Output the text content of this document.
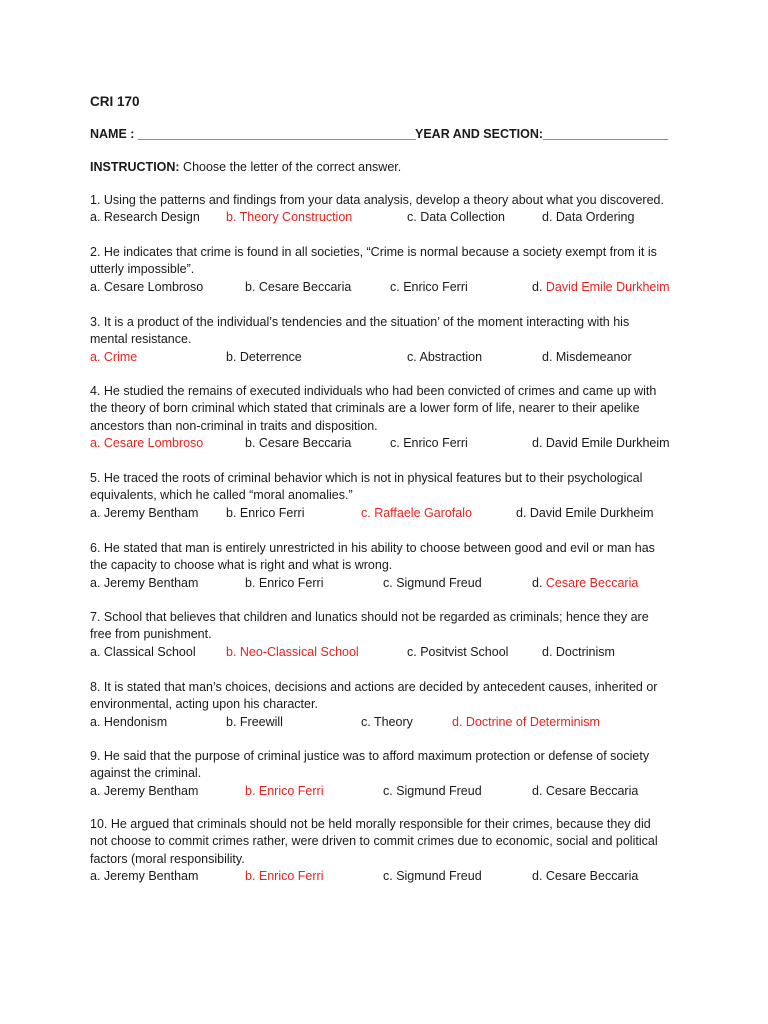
CRI 170
NAME : ________________________________________ YEAR AND SECTION:__________________
INSTRUCTION: Choose the letter of the correct answer.
1. Using the patterns and findings from your data analysis, develop a theory about what you discovered.
a. Research Design b. Theory Construction	c. Data Collection	d. Data Ordering
2. He indicates that crime is found in all societies, “Crime is normal because a society exempt from it is
utterly impossible”.
a. Cesare Lombroso	b. Cesare Beccaria	c. Enrico Ferri	d. David Emile Durkheim
3. It is a product of the individual’s tendencies and the situation’ of the moment interacting with his
mental resistance.
a. Crime	b. Deterrence	c. Abstraction	d. Misdemeanor
4. He studied the remains of executed individuals who had been convicted of crimes and came up with
the theory of born criminal which stated that criminals are a lower form of life, nearer to their apelike
ancestors than non-criminal in traits and disposition.
a. Cesare Lombroso	b. Cesare Beccaria	c. Enrico Ferri	d. David Emile Durkheim
5. He traced the roots of criminal behavior which is not in physical features but to their psychological
equivalents, which he called “moral anomalies.”
a. Jeremy Bentham b. Enrico Ferri	c. Raffaele Garofalo	d. David Emile Durkheim
6. He stated that man is entirely unrestricted in his ability to choose between good and evil or man has
the capacity to choose what is right and what is wrong.
a. Jeremy Bentham	b. Enrico Ferri	c. Sigmund Freud	d. Cesare Beccaria
7. School that believes that children and lunatics should not be regarded as criminals; hence they are
free from punishment.
a. Classical School b. Neo-Classical School	c. Positvist School	d. Doctrinism
8. It is stated that man’s choices, decisions and actions are decided by antecedent causes, inherited or
environmental, acting upon his character.
a. Hendonism	b. Freewill	c. Theory	d. Doctrine of Determinism
9. He said that the purpose of criminal justice was to afford maximum protection or defense of society
against the criminal.
a. Jeremy Bentham	b. Enrico Ferri	c. Sigmund Freud	d. Cesare Beccaria
10. He argued that criminals should not be held morally responsible for their crimes, because they did
not choose to commit crimes rather, were driven to commit crimes due to economic, social and political
factors (moral responsibility.
a. Jeremy Bentham	b. Enrico Ferri	c. Sigmund Freud	d. Cesare Beccaria
